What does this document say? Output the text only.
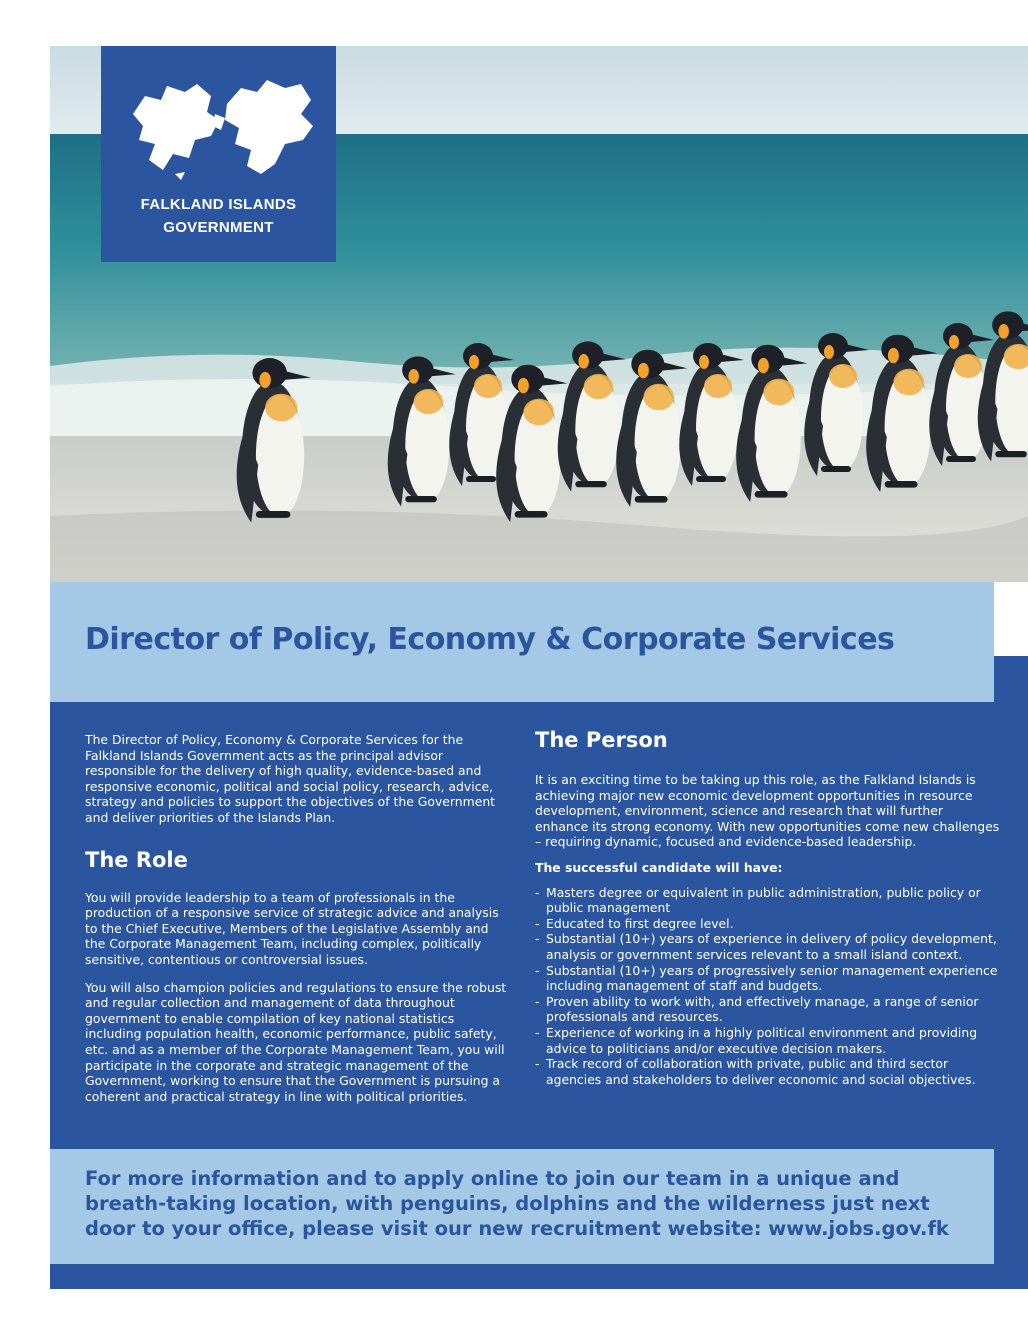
FALKLAND ISLANDS
GOVERNMENT
Director of Policy, Economy & Corporate Services

The Director of Policy, Economy & Corporate Services for the Falkland Islands Government acts as the principal advisor responsible for the delivery of high quality, evidence-based and responsive economic, political and social policy, research, advice, strategy and policies to support the objectives of the Government and deliver priorities of the Islands Plan.

The Role

You will provide leadership to a team of professionals in the production of a responsive service of strategic advice and analysis to the Chief Executive, Members of the Legislative Assembly and the Corporate Management Team, including complex, politically sensitive, contentious or controversial issues.

You will also champion policies and regulations to ensure the robust and regular collection and management of data throughout government to enable compilation of key national statistics including population health, economic performance, public safety, etc. and as a member of the Corporate Management Team, you will participate in the corporate and strategic management of the Government, working to ensure that the Government is pursuing a coherent and practical strategy in line with political priorities.

The Person

It is an exciting time to be taking up this role, as the Falkland Islands is achieving major new economic development opportunities in resource development, environment, science and research that will further enhance its strong economy. With new opportunities come new challenges – requiring dynamic, focused and evidence-based leadership.

The successful candidate will have:

- Masters degree or equivalent in public administration, public policy or public management
- Educated to first degree level.
- Substantial (10+) years of experience in delivery of policy development, analysis or government services relevant to a small island context.
- Substantial (10+) years of progressively senior management experience including management of staff and budgets.
- Proven ability to work with, and effectively manage, a range of senior professionals and resources.
- Experience of working in a highly political environment and providing advice to politicians and/or executive decision makers.
- Track record of collaboration with private, public and third sector agencies and stakeholders to deliver economic and social objectives.
For more information and to apply online to join our team in a unique and breath-taking location, with penguins, dolphins and the wilderness just next door to your office, please visit our new recruitment website: www.jobs.gov.fk
